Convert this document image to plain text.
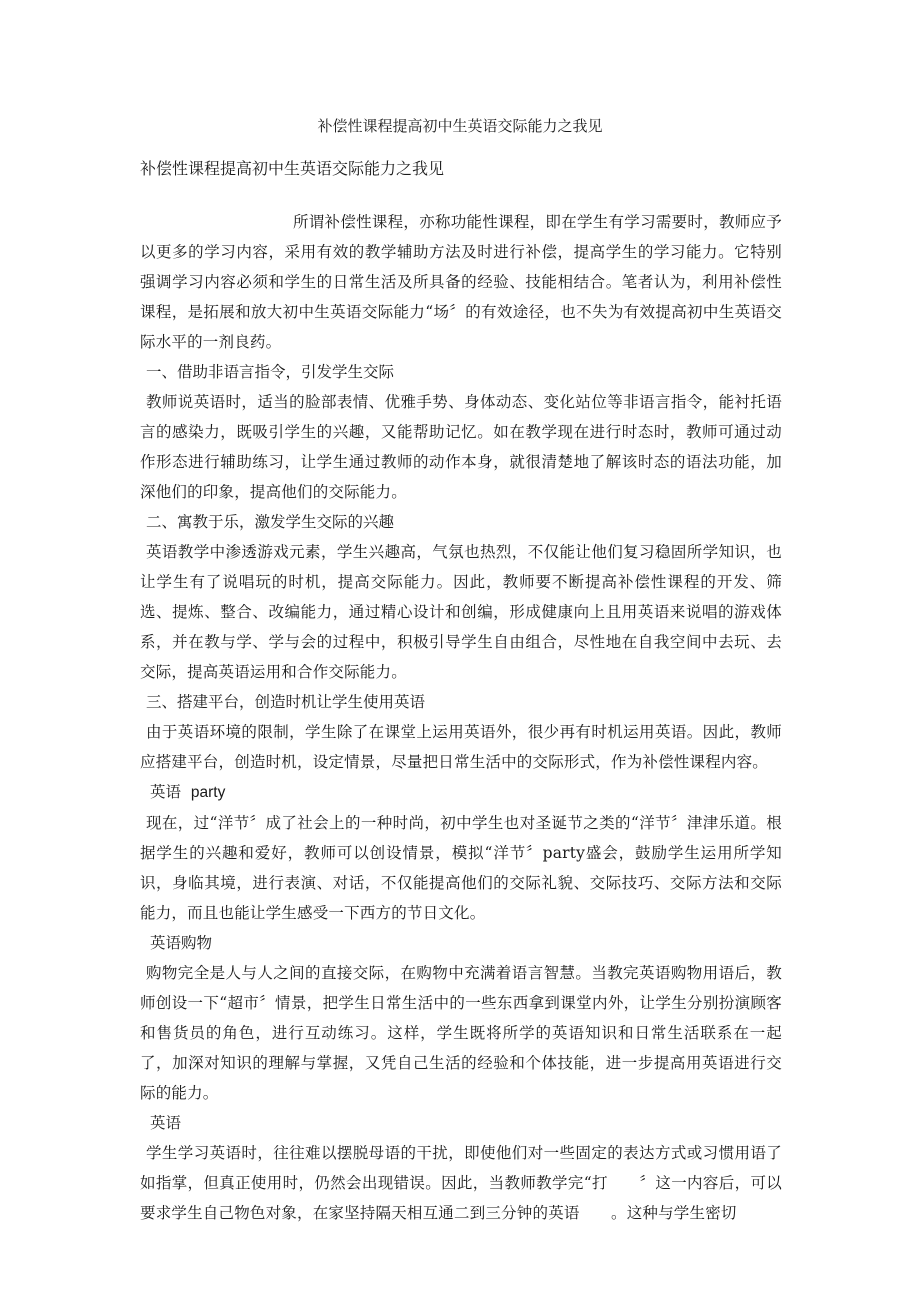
补偿性课程提高初中生英语交际能力之我见
补偿性课程提高初中生英语交际能力之我见

所谓补偿性课程，亦称功能性课程，即在学生有学习需要时，教师应予以更多的学习内容，采用有效的教学辅助方法及时进行补偿，提高学生的学习能力。它特别强调学习内容必须和学生的日常生活及所具备的经验、技能相结合。笔者认为，利用补偿性课程，是拓展和放大初中生英语交际能力“场〞的有效途径，也不失为有效提高初中生英语交际水平的一剂良药。

一、借助非语言指令，引发学生交际

教师说英语时，适当的脸部表情、优雅手势、身体动态、变化站位等非语言指令，能衬托语言的感染力，既吸引学生的兴趣，又能帮助记忆。如在教学现在进行时态时，教师可通过动作形态进行辅助练习，让学生通过教师的动作本身，就很清楚地了解该时态的语法功能，加深他们的印象，提高他们的交际能力。

二、寓教于乐，激发学生交际的兴趣

英语教学中渗透游戏元素，学生兴趣高，气氛也热烈，不仅能让他们复习稳固所学知识，也让学生有了说唱玩的时机，提高交际能力。因此，教师要不断提高补偿性课程的开发、筛选、提炼、整合、改编能力，通过精心设计和创编，形成健康向上且用英语来说唱的游戏体系，并在教与学、学与会的过程中，积极引导学生自由组合，尽性地在自我空间中去玩、去交际，提高英语运用和合作交际能力。

三、搭建平台，创造时机让学生使用英语

由于英语环境的限制，学生除了在课堂上运用英语外，很少再有时机运用英语。因此，教师应搭建平台，创造时机，设定情景，尽量把日常生活中的交际形式，作为补偿性课程内容。

英语 party

现在，过“洋节〞成了社会上的一种时尚，初中学生也对圣诞节之类的“洋节〞津津乐道。根据学生的兴趣和爱好，教师可以创设情景，模拟“洋节〞party盛会，鼓励学生运用所学知识，身临其境，进行表演、对话，不仅能提高他们的交际礼貌、交际技巧、交际方法和交际能力，而且也能让学生感受一下西方的节日文化。

英语购物

购物完全是人与人之间的直接交际，在购物中充满着语言智慧。当教完英语购物用语后，教师创设一下“超市〞情景，把学生日常生活中的一些东西拿到课堂内外，让学生分别扮演顾客和售货员的角色，进行互动练习。这样，学生既将所学的英语知识和日常生活联系在一起了，加深对知识的理解与掌握，又凭自己生活的经验和个体技能，进一步提高用英语进行交际的能力。

英语

学生学习英语时，往往难以摆脱母语的干扰，即使他们对一些固定的表达方式或习惯用语了如指掌，但真正使用时，仍然会出现错误。因此，当教师教学完“打　　〞这一内容后，可以要求学生自己物色对象，在家坚持隔天相互通二到三分钟的英语　　。这种与学生密切
